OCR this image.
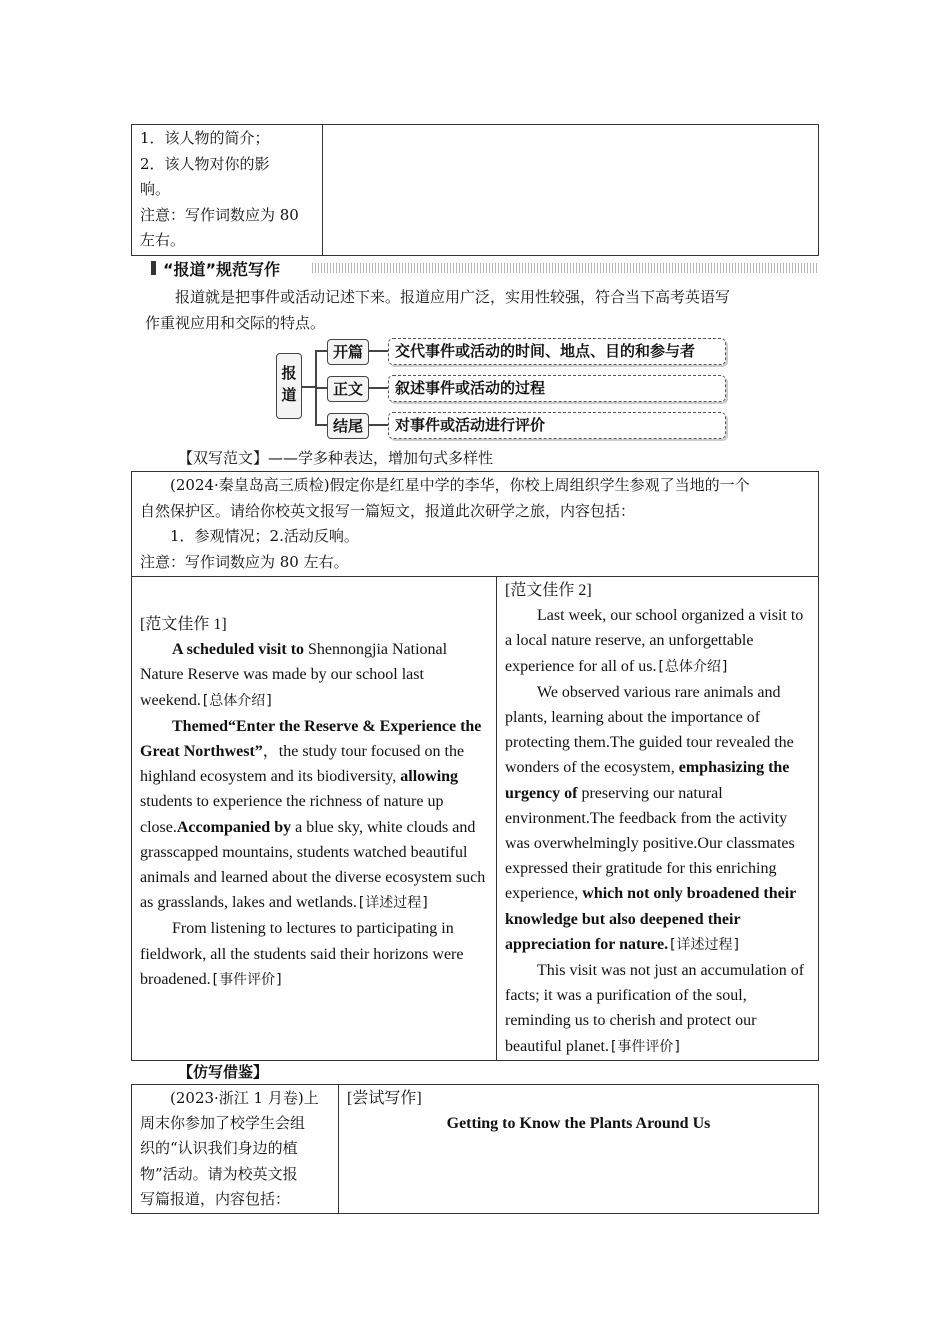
1．该人物的简介；
2．该人物对你的影
响。
注意：写作词数应为 80
左右。

“报道”规范写作
报道就是把事件或活动记述下来。报道应用广泛，实用性较强，符合当下高考英语写
作重视应用和交际的特点。
报
道
开篇	交代事件或活动的时间、地点、目的和参与者
正文	叙述事件或活动的过程
结尾	对事件或活动进行评价
【双写范文】——学多种表达，增加句式多样性
(2024·秦皇岛高三质检)假定你是红星中学的李华，你校上周组织学生参观了当地的一个
自然保护区。请给你校英文报写一篇短文，报道此次研学之旅，内容包括：
1．参观情况；2.活动反响。
注意：写作词数应为 80 左右。
[范文佳作 1]

A scheduled visit to Shennongjia National Nature Reserve was made by our school last weekend.[总体介绍]

Themed“Enter the Reserve & Experience the Great Northwest”，the study tour focused on the highland ecosystem and its biodiversity, allowing students to experience the richness of nature up close.Accompanied by a blue sky, white clouds and grasscapped mountains, students watched beautiful animals and learned about the diverse ecosystem such as grasslands, lakes and wetlands.[详述过程]

From listening to lectures to participating in fieldwork, all the students said their horizons were broadened.[事件评价]

[范文佳作 2]

Last week, our school organized a visit to a local nature reserve, an unforgettable experience for all of us.[总体介绍]

We observed various rare animals and plants, learning about the importance of protecting them.The guided tour revealed the wonders of the ecosystem, emphasizing the urgency of preserving our natural environment.The feedback from the activity was overwhelmingly positive.Our classmates expressed their gratitude for this enriching experience, which not only broadened their knowledge but also deepened their appreciation for nature.[详述过程]

This visit was not just an accumulation of facts; it was a purification of the soul, reminding us to cherish and protect our beautiful planet.[事件评价]

【仿写借鉴】
(2023·浙江 1 月卷)上
周末你参加了校学生会组
织的“认识我们身边的植
物”活动。请为校英文报
写篇报道，内容包括：

[尝试写作]
Getting to Know the Plants Around Us
